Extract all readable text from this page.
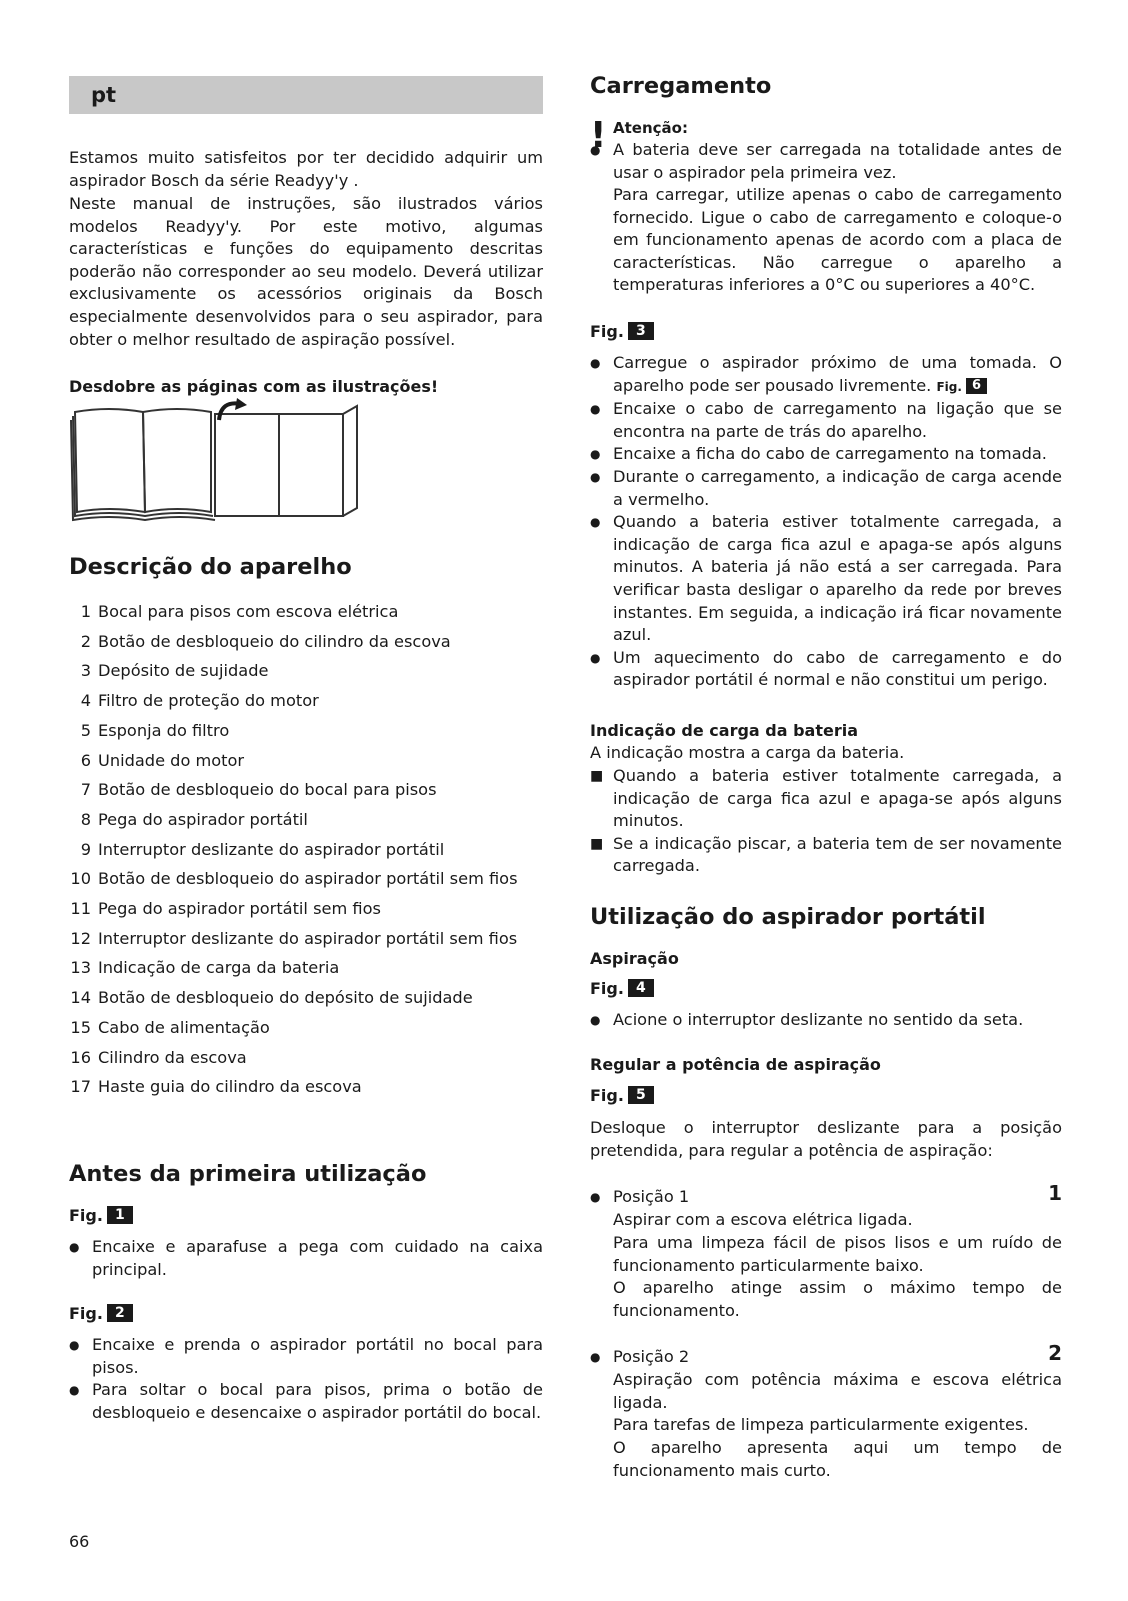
pt

Estamos muito satisfeitos por ter decidido adquirir um aspirador Bosch da série Readyy'y .

Neste manual de instruções, são ilustrados vários modelos Readyy'y. Por este motivo, algumas características e funções do equipamento descritas poderão não corresponder ao seu modelo. Deverá utilizar exclusivamente os acessórios originais da Bosch especialmente desenvolvidos para o seu aspirador, para obter o melhor resultado de aspiração possível.

Desdobre as páginas com as ilustrações!

Descrição do aparelho
1 Bocal para pisos com escova elétrica
2 Botão de desbloqueio do cilindro da escova
3 Depósito de sujidade
4 Filtro de proteção do motor
5 Esponja do filtro
6 Unidade do motor
7 Botão de desbloqueio do bocal para pisos
8 Pega do aspirador portátil
9 Interruptor deslizante do aspirador portátil
10 Botão de desbloqueio do aspirador portátil sem fios
11 Pega do aspirador portátil sem fios
12 Interruptor deslizante do aspirador portátil sem fios
13 Indicação de carga da bateria
14 Botão de desbloqueio do depósito de sujidade
15 Cabo de alimentação
16 Cilindro da escova
17 Haste guia do cilindro da escova
Antes da primeira utilização
Fig. 1
● Encaixe e aparafuse a pega com cuidado na caixa principal.
Fig. 2
● Encaixe e prenda o aspirador portátil no bocal para pisos.
● Para soltar o bocal para pisos, prima o botão de desbloqueio e desencaixe o aspirador portátil do bocal.
Carregamento
! Atenção:

● A bateria deve ser carregada na totalidade antes de usar o aspirador pela primeira vez.

Para carregar, utilize apenas o cabo de carregamento fornecido. Ligue o cabo de carregamento e coloque-o em funcionamento apenas de acordo com a placa de características. Não carregue o aparelho a temperaturas inferiores a 0°C ou superiores a 40°C.

Fig. 3
● Carregue o aspirador próximo de uma tomada. O aparelho pode ser pousado livremente. Fig. 6
● Encaixe o cabo de carregamento na ligação que se encontra na parte de trás do aparelho.
● Encaixe a ficha do cabo de carregamento na tomada.
● Durante o carregamento, a indicação de carga acende a vermelho.
● Quando a bateria estiver totalmente carregada, a indicação de carga fica azul e apaga-se após alguns minutos. A bateria já não está a ser carregada. Para verificar basta desligar o aparelho da rede por breves instantes. Em seguida, a indicação irá ficar novamente azul.
● Um aquecimento do cabo de carregamento e do aspirador portátil é normal e não constitui um perigo.

Indicação de carga da bateria

A indicação mostra a carga da bateria.

■ Quando a bateria estiver totalmente carregada, a indicação de carga fica azul e apaga-se após alguns minutos.
■ Se a indicação piscar, a bateria tem de ser novamente carregada.
Utilização do aspirador portátil

Aspiração

Fig. 4
● Acione o interruptor deslizante no sentido da seta.

Regular a potência de aspiração

Fig. 5

Desloque o interruptor deslizante para a posição pretendida, para regular a potência de aspiração:

● Posição 1	1

Aspirar com a escova elétrica ligada.

Para uma limpeza fácil de pisos lisos e um ruído de funcionamento particularmente baixo.

O aparelho atinge assim o máximo tempo de funcionamento.

● Posição 2	2

Aspiração com potência máxima e escova elétrica ligada.

Para tarefas de limpeza particularmente exigentes.

O aparelho apresenta aqui um tempo de funcionamento mais curto.

66
